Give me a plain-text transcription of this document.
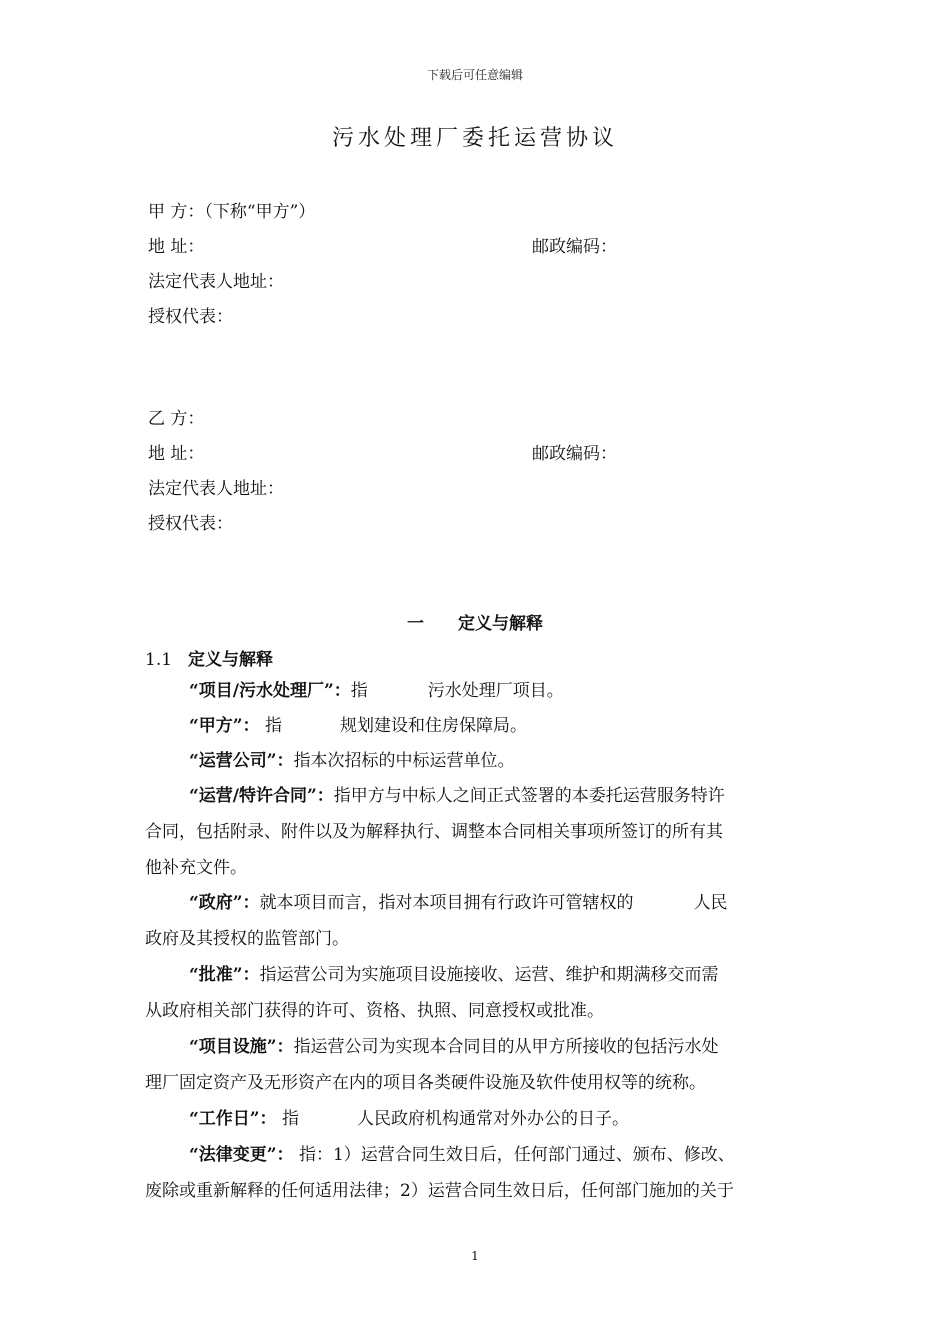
下载后可任意编辑
污水处理厂委托运营协议
甲 方：（下称“甲方”）
地 址：	邮政编码：
法定代表人地址：
授权代表：
乙 方：
地 址：	邮政编码：
法定代表人地址：
授权代表：
一 定义与解释
1.1 定义与解释
“项目/污水处理厂”：指	污水处理厂项目。
“甲方”： 指	规划建设和住房保障局。
“运营公司”：指本次招标的中标运营单位。
“运营/特许合同”：指甲方与中标人之间正式签署的本委托运营服务特许
合同，包括附录、附件以及为解释执行、调整本合同相关事项所签订的所有其
他补充文件。
“政府”：就本项目而言，指对本项目拥有行政许可管辖权的	人民
政府及其授权的监管部门。
“批准”：指运营公司为实施项目设施接收、运营、维护和期满移交而需
从政府相关部门获得的许可、资格、执照、同意授权或批准。
“项目设施”：指运营公司为实现本合同目的从甲方所接收的包括污水处
理厂固定资产及无形资产在内的项目各类硬件设施及软件使用权等的统称。
“工作日”： 指	人民政府机构通常对外办公的日子。
“法律变更”： 指：1）运营合同生效日后，任何部门通过、颁布、修改、
废除或重新解释的任何适用法律；2）运营合同生效日后，任何部门施加的关于
1
